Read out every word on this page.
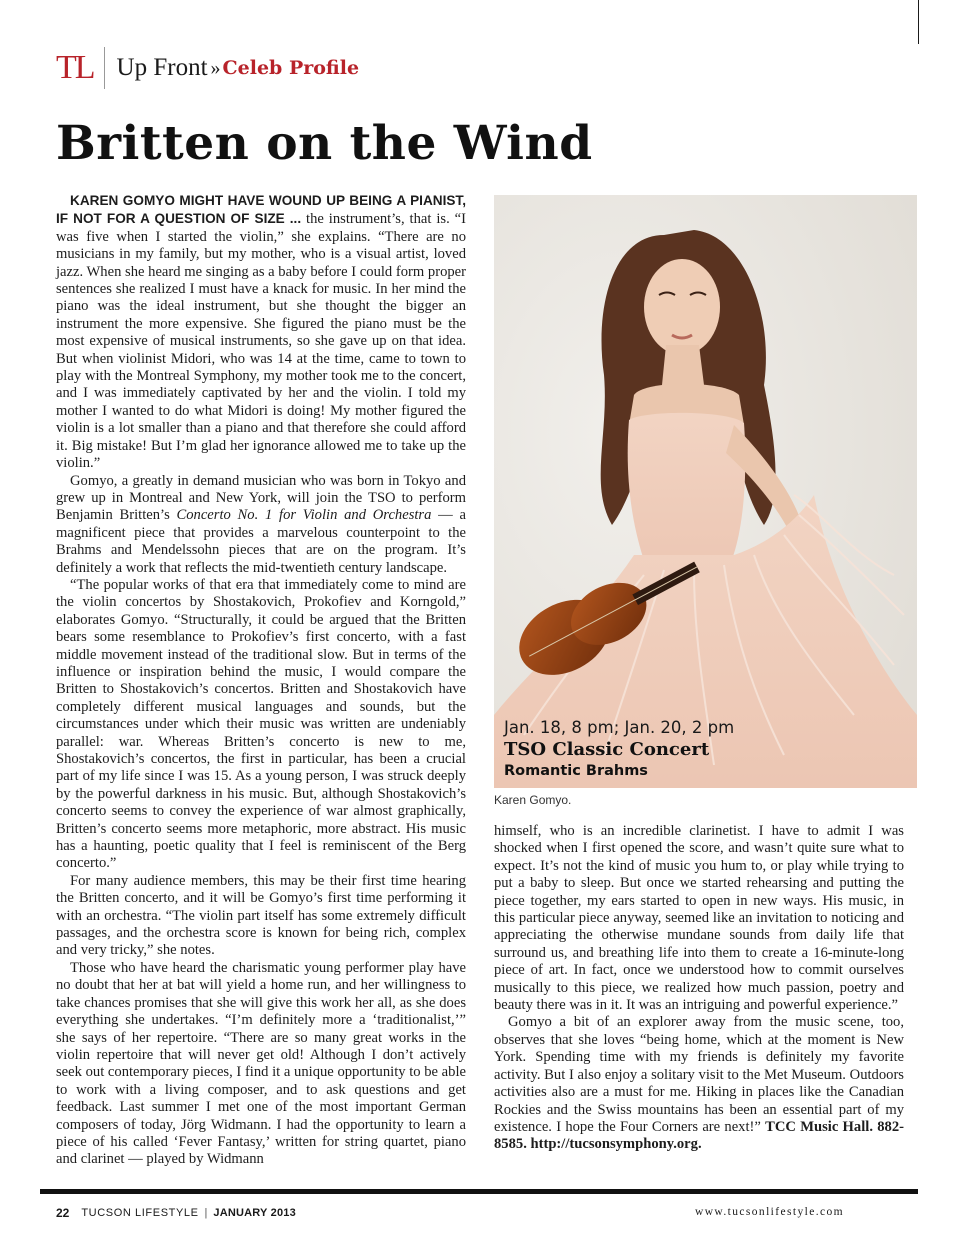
TL Up Front » Celeb Profile
Britten on the Wind

KAREN GOMYO MIGHT HAVE WOUND UP BEING A PIANIST, IF NOT FOR A QUESTION OF SIZE ... the instrument’s, that is. “I was five when I started the violin,” she explains. “There are no musicians in my family, but my mother, who is a visual artist, loved jazz. When she heard me singing as a baby before I could form proper sentences she realized I must have a knack for music. In her mind the piano was the ideal instrument, but she thought the bigger an instrument the more expensive. She figured the piano must be the most expensive of musical instruments, so she gave up on that idea. But when violinist Midori, who was 14 at the time, came to town to play with the Montreal Symphony, my mother took me to the concert, and I was immediately captivated by her and the violin. I told my mother I wanted to do what Midori is doing! My mother figured the violin is a lot smaller than a piano and that therefore she could afford it. Big mistake! But I’m glad her ignorance allowed me to take up the violin.”

Gomyo, a greatly in demand musician who was born in Tokyo and grew up in Montreal and New York, will join the TSO to perform Benjamin Britten’s Concerto No. 1 for Violin and Orchestra — a magnificent piece that provides a marvelous counterpoint to the Brahms and Mendelssohn pieces that are on the program. It’s definitely a work that reflects the mid-twentieth century landscape.

“The popular works of that era that immediately come to mind are the violin concertos by Shostakovich, Prokofiev and Korngold,” elaborates Gomyo. “Structurally, it could be argued that the Britten bears some resemblance to Prokofiev’s first concerto, with a fast middle movement instead of the traditional slow. But in terms of the influence or inspiration behind the music, I would compare the Britten to Shostakovich’s concertos. Britten and Shostakovich have completely different musical languages and sounds, but the circumstances under which their music was written are undeniably parallel: war. Whereas Britten’s concerto is new to me, Shostakovich’s concertos, the first in particular, has been a crucial part of my life since I was 15. As a young person, I was struck deeply by the powerful darkness in his music. But, although Shostakovich’s concerto seems to convey the experience of war almost graphically, Britten’s concerto seems more metaphoric, more abstract. His music has a haunting, poetic quality that I feel is reminiscent of the Berg concerto.”

For many audience members, this may be their first time hearing the Britten concerto, and it will be Gomyo’s first time performing it with an orchestra. “The violin part itself has some extremely difficult passages, and the orchestra score is known for being rich, complex and very tricky,” she notes.

Those who have heard the charismatic young performer play have no doubt that her at bat will yield a home run, and her willingness to take chances promises that she will give this work her all, as she does everything she undertakes. “I’m definitely more a ‘traditionalist,’” she says of her repertoire. “There are so many great works in the violin repertoire that will never get old! Although I don’t actively seek out contemporary pieces, I find it a unique opportunity to be able to work with a living composer, and to ask questions and get feedback. Last summer I met one of the most important German composers of today, Jörg Widmann. I had the opportunity to learn a piece of his called ‘Fever Fantasy,’ written for string quartet, piano and clarinet — played by Widmann

Jan. 18, 8 pm; Jan. 20, 2 pm
TSO Classic Concert
Romantic Brahms
Karen Gomyo.

himself, who is an incredible clarinetist. I have to admit I was shocked when I first opened the score, and wasn’t quite sure what to expect. It’s not the kind of music you hum to, or play while trying to put a baby to sleep. But once we started rehearsing and putting the piece together, my ears started to open in new ways. His music, in this particular piece anyway, seemed like an invitation to noticing and appreciating the otherwise mundane sounds from daily life that surround us, and breathing life into them to create a 16-minute-long piece of art. In fact, once we understood how to commit ourselves musically to this piece, we realized how much passion, poetry and beauty there was in it. It was an intriguing and powerful experience.”

Gomyo a bit of an explorer away from the music scene, too, observes that she loves “being home, which at the moment is New York. Spending time with my friends is definitely my favorite activity. But I also enjoy a solitary visit to the Met Museum. Outdoors activities also are a must for me. Hiking in places like the Canadian Rockies and the Swiss mountains has been an essential part of my existence. I hope the Four Corners are next!” TCC Music Hall. 882-8585. http://tucsonsymphony.org.

22 TUCSON LIFESTYLE | JANUARY 2013	www.tucsonlifestyle.com
